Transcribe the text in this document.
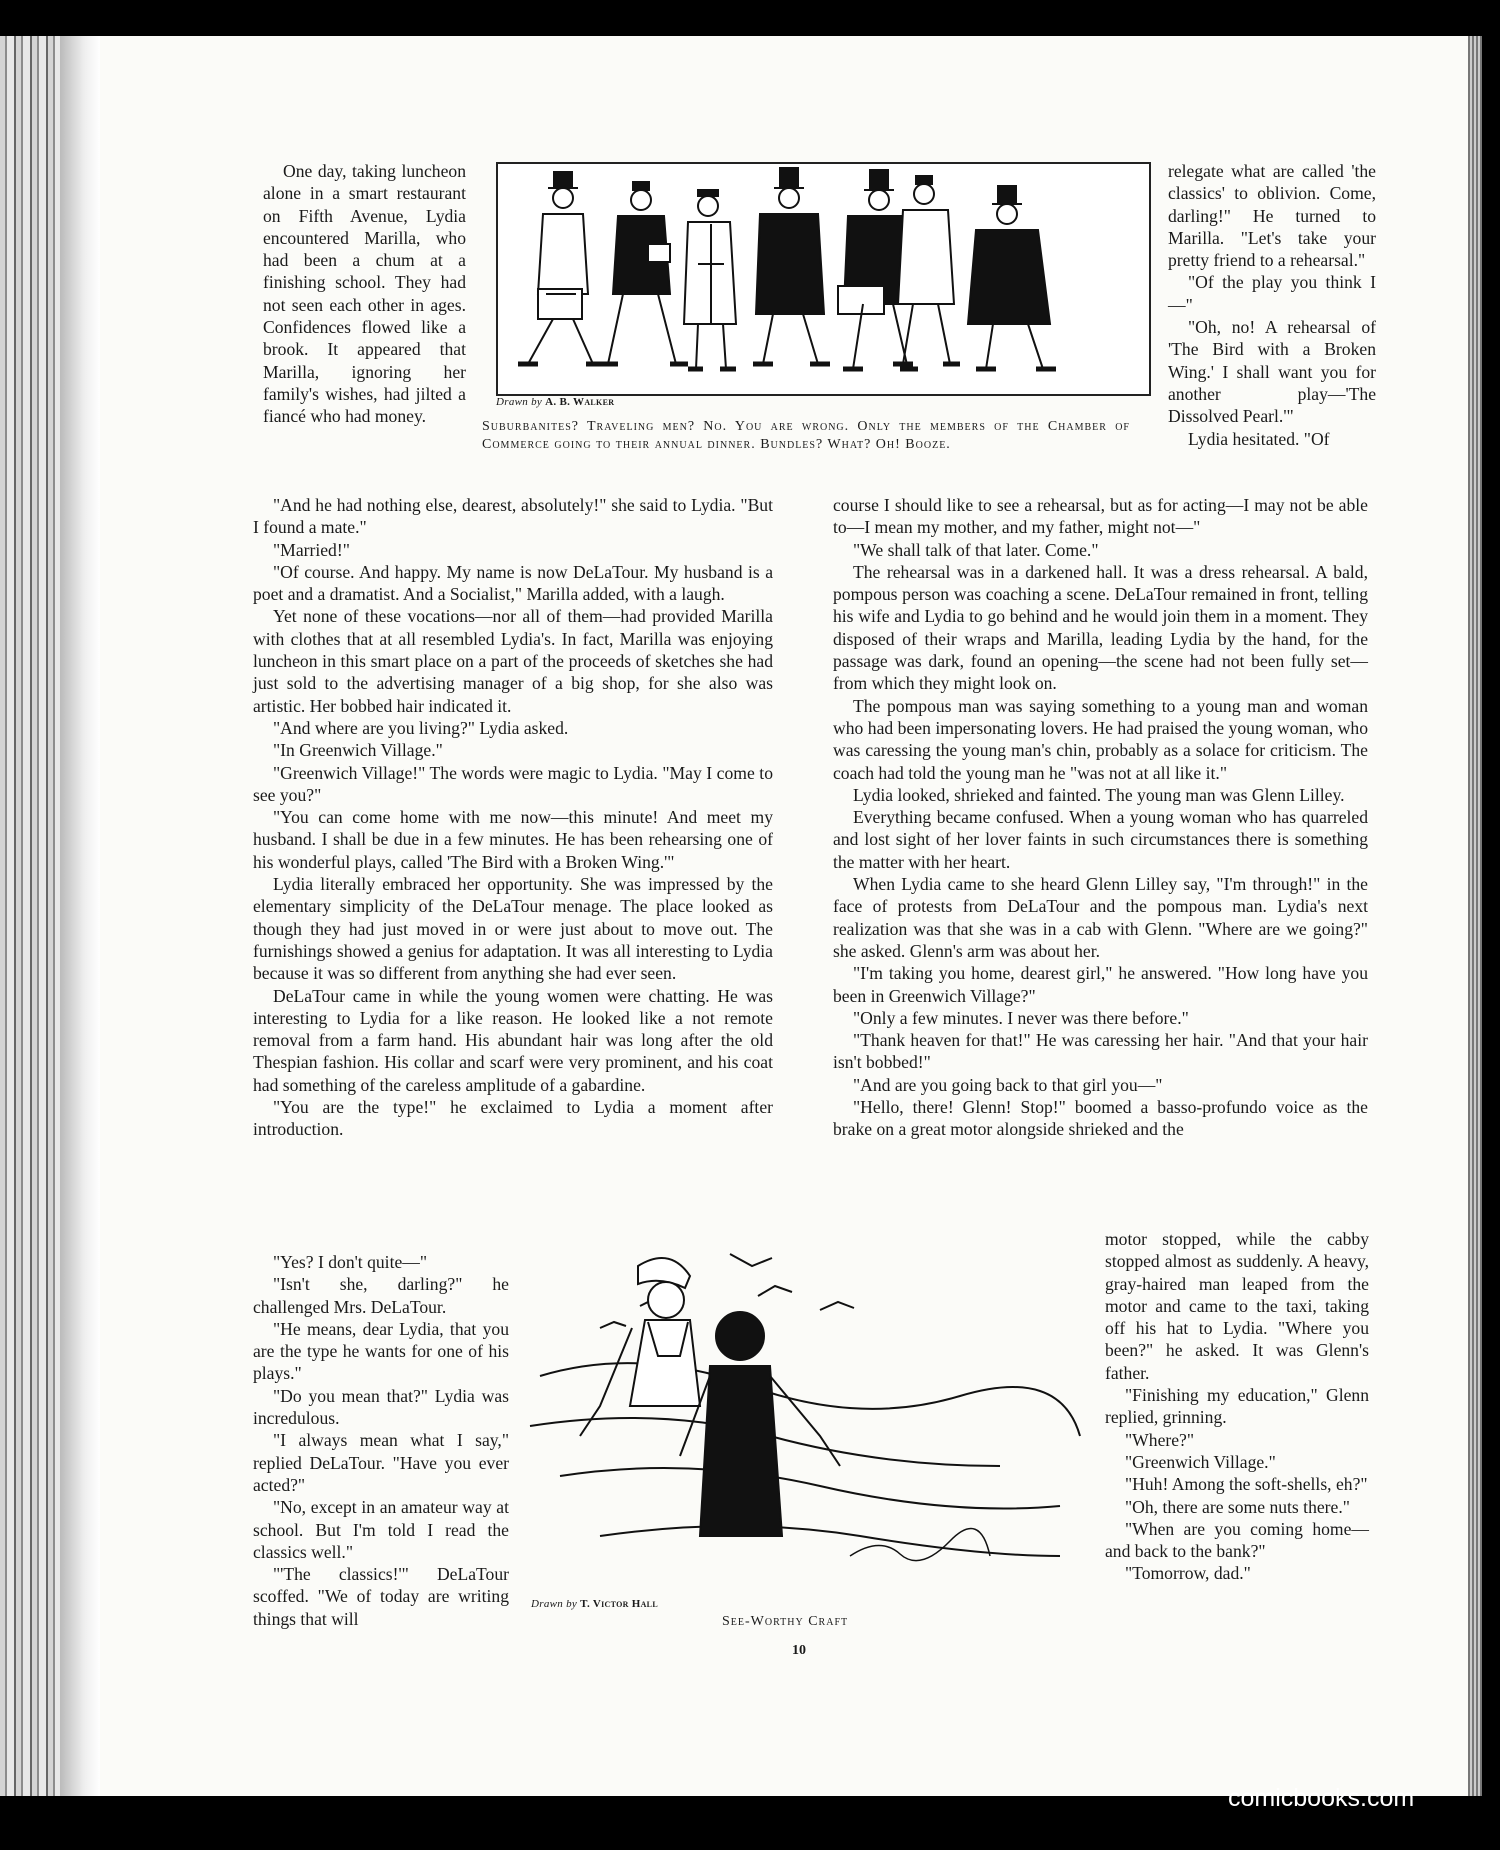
One day, taking luncheon alone in a smart restaurant on Fifth Avenue, Lydia encountered Marilla, who had been a chum at a finishing school. They had not seen each other in ages. Confidences flowed like a brook. It appeared that Marilla, ignoring her family's wishes, had jilted a fiancé who had money.

Drawn by A. B. Walker
Suburbanites? Traveling men? No. You are wrong. Only the members of the Chamber of Commerce going to their annual dinner. Bundles? What? Oh! Booze.

relegate what are called 'the classics' to oblivion. Come, darling!" He turned to Marilla. "Let's take your pretty friend to a rehearsal."

"Of the play you think I—"

"Oh, no! A rehearsal of 'The Bird with a Broken Wing.' I shall want you for another play—'The Dissolved Pearl.'"

Lydia hesitated. "Of

"And he had nothing else, dearest, absolutely!" she said to Lydia. "But I found a mate."

"Married!"

"Of course. And happy. My name is now DeLaTour. My husband is a poet and a dramatist. And a Socialist," Marilla added, with a laugh.

Yet none of these vocations—nor all of them—had provided Marilla with clothes that at all resembled Lydia's. In fact, Marilla was enjoying luncheon in this smart place on a part of the proceeds of sketches she had just sold to the advertising manager of a big shop, for she also was artistic. Her bobbed hair indicated it.

"And where are you living?" Lydia asked.

"In Greenwich Village."

"Greenwich Village!" The words were magic to Lydia. "May I come to see you?"

"You can come home with me now—this minute! And meet my husband. I shall be due in a few minutes. He has been rehearsing one of his wonderful plays, called 'The Bird with a Broken Wing.'"

Lydia literally embraced her opportunity. She was impressed by the elementary simplicity of the DeLaTour menage. The place looked as though they had just moved in or were just about to move out. The furnishings showed a genius for adaptation. It was all interesting to Lydia because it was so different from anything she had ever seen.

DeLaTour came in while the young women were chatting. He was interesting to Lydia for a like reason. He looked like a not remote removal from a farm hand. His abundant hair was long after the old Thespian fashion. His collar and scarf were very prominent, and his coat had something of the careless amplitude of a gabardine.

"You are the type!" he exclaimed to Lydia a moment after introduction.

"Yes? I don't quite—"

"Isn't she, darling?" he challenged Mrs. DeLaTour.

"He means, dear Lydia, that you are the type he wants for one of his plays."

"Do you mean that?" Lydia was incredulous.

"I always mean what I say," replied DeLaTour. "Have you ever acted?"

"No, except in an amateur way at school. But I'm told I read the classics well."

"'The classics!'" DeLaTour scoffed. "We of today are writing things that will

course I should like to see a rehearsal, but as for acting—I may not be able to—I mean my mother, and my father, might not—"

"We shall talk of that later. Come."

The rehearsal was in a darkened hall. It was a dress rehearsal. A bald, pompous person was coaching a scene. DeLaTour remained in front, telling his wife and Lydia to go behind and he would join them in a moment. They disposed of their wraps and Marilla, leading Lydia by the hand, for the passage was dark, found an opening—the scene had not been fully set—from which they might look on.

The pompous man was saying something to a young man and woman who had been impersonating lovers. He had praised the young woman, who was caressing the young man's chin, probably as a solace for criticism. The coach had told the young man he "was not at all like it."

Lydia looked, shrieked and fainted. The young man was Glenn Lilley.

Everything became confused. When a young woman who has quarreled and lost sight of her lover faints in such circumstances there is something the matter with her heart.

When Lydia came to she heard Glenn Lilley say, "I'm through!" in the face of protests from DeLaTour and the pompous man. Lydia's next realization was that she was in a cab with Glenn. "Where are we going?" she asked. Glenn's arm was about her.

"I'm taking you home, dearest girl," he answered. "How long have you been in Greenwich Village?"

"Only a few minutes. I never was there before."

"Thank heaven for that!" He was caressing her hair. "And that your hair isn't bobbed!"

"And are you going back to that girl you—"

"Hello, there! Glenn! Stop!" boomed a basso-profundo voice as the brake on a great motor alongside shrieked and the

motor stopped, while the cabby stopped almost as suddenly. A heavy, gray-haired man leaped from the motor and came to the taxi, taking off his hat to Lydia. "Where you been?" he asked. It was Glenn's father.

"Finishing my education," Glenn replied, grinning.

"Where?"

"Greenwich Village."

"Huh! Among the soft-shells, eh?"

"Oh, there are some nuts there."

"When are you coming home—and back to the bank?"

"Tomorrow, dad."

Drawn by T. Victor Hall
See-Worthy Craft
10
comicbooks.com
